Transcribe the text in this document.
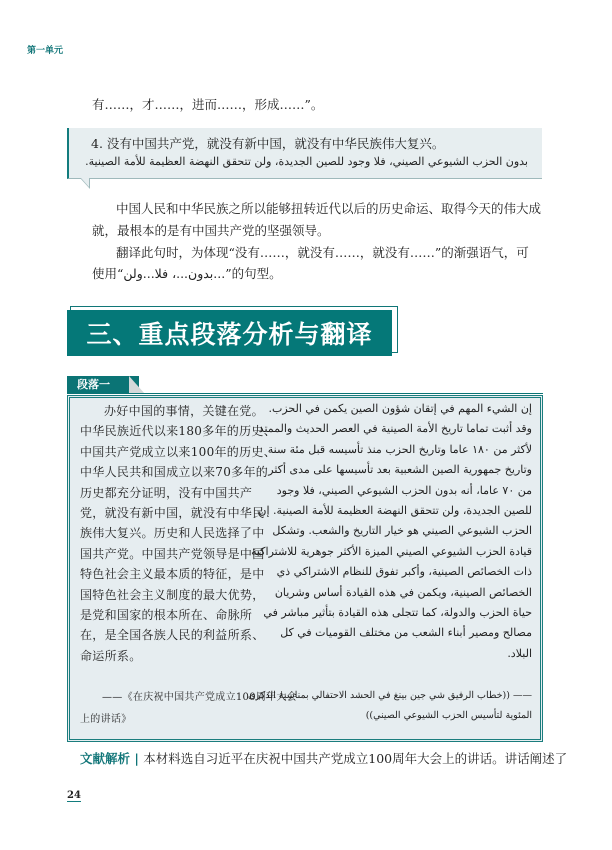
第一单元
有……，才……，进而……，形成……”。
4. 没有中国共产党，就没有新中国，就没有中华民族伟大复兴。
بدون الحزب الشيوعي الصيني، فلا وجود للصين الجديدة، ولن تتحقق النهضة العظيمة للأمة الصينية.
中国人民和中华民族之所以能够扭转近代以后的历史命运、取得今天的伟大成
就，最根本的是有中国共产党的坚强领导。
翻译此句时，为体现“没有……，就没有……，就没有……”的渐强语气，可
使用“بدون...، فلا...ولن...”的句型。
三、重点段落分析与翻译
段落一
办好中国的事情，关键在党。
中华民族近代以来180多年的历史、
中国共产党成立以来100年的历史、
中华人民共和国成立以来70多年的
历史都充分证明，没有中国共产
党，就没有新中国，就没有中华民
族伟大复兴。历史和人民选择了中
国共产党。中国共产党领导是中国
特色社会主义最本质的特征，是中
国特色社会主义制度的最大优势，
是党和国家的根本所在、命脉所
在，是全国各族人民的利益所系、
命运所系。
——《在庆祝中国共产党成立100周年大会
上的讲话》
إن الشيء المهم في إتقان شؤون الصين يكمن في الحزب.
وقد أثبت تماما تاريخ الأمة الصينية في العصر الحديث والممتد
لأكثر من ١٨٠ عاما وتاريخ الحزب منذ تأسيسه قبل مئة سنة
وتاريخ جمهورية الصين الشعبية بعد تأسيسها على مدى أكثر
من ٧٠ عاما، أنه بدون الحزب الشيوعي الصيني، فلا وجود
للصين الجديدة، ولن تتحقق النهضة العظيمة للأمة الصينية. إن
الحزب الشيوعي الصيني هو خيار التاريخ والشعب. وتشكل
قيادة الحزب الشيوعي الصيني الميزة الأكثر جوهرية للاشتراكية
ذات الخصائص الصينية، وأكبر تفوق للنظام الاشتراكي ذي
الخصائص الصينية، ويكمن في هذه القيادة أساس وشريان
حياة الحزب والدولة، كما تتجلى هذه القيادة بتأثير مباشر في
مصالح ومصير أبناء الشعب من مختلف القوميات في كل
البلاد.
—— ((خطاب الرفيق شي جين بينغ في الحشد الاحتفالي بمناسبة الذكرى
المئوية لتأسيس الحزب الشيوعي الصيني))
文献解析 | 本材料选自习近平在庆祝中国共产党成立100周年大会上的讲话。讲话阐述了
24
